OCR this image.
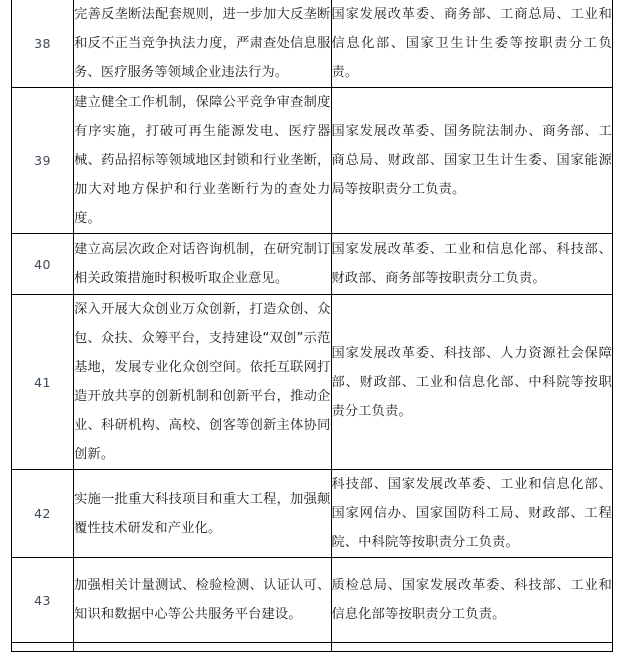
38	完善反垄断法配套规则，进一步加大反垄断和反不正当竞争执法力度，严肃查处信息服务、医疗服务等领域企业违法行为。	国家发展改革委、商务部、工商总局、工业和信息化部、国家卫生计生委等按职责分工负责。
39	建立健全工作机制，保障公平竞争审查制度有序实施，打破可再生能源发电、医疗器械、药品招标等领域地区封锁和行业垄断，加大对地方保护和行业垄断行为的查处力度。	国家发展改革委、国务院法制办、商务部、工商总局、财政部、国家卫生计生委、国家能源局等按职责分工负责。
40	建立高层次政企对话咨询机制，在研究制订相关政策措施时积极听取企业意见。	国家发展改革委、工业和信息化部、科技部、财政部、商务部等按职责分工负责。
41	深入开展大众创业万众创新，打造众创、众包、众扶、众筹平台，支持建设“双创”示范基地，发展专业化众创空间。依托互联网打造开放共享的创新机制和创新平台，推动企业、科研机构、高校、创客等创新主体协同创新。	国家发展改革委、科技部、人力资源社会保障部、财政部、工业和信息化部、中科院等按职责分工负责。
42	实施一批重大科技项目和重大工程，加强颠覆性技术研发和产业化。	科技部、国家发展改革委、工业和信息化部、国家网信办、国家国防科工局、财政部、工程院、中科院等按职责分工负责。
43	加强相关计量测试、检验检测、认证认可、知识和数据中心等公共服务平台建设。	质检总局、国家发展改革委、科技部、工业和信息化部等按职责分工负责。
